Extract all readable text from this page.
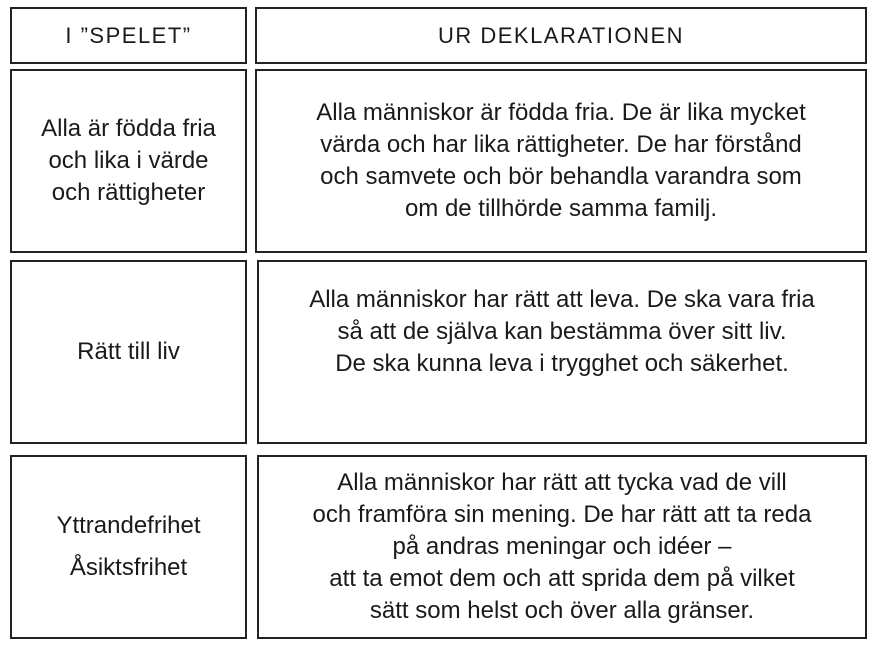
I ”SPELET”	UR DEKLARATIONEN
Alla är födda fria
och lika i värde
och rättigheter
Alla människor är födda fria. De är lika mycket
värda och har lika rättigheter. De har förstånd
och samvete och bör behandla varandra som
om de tillhörde samma familj.
Rätt till liv
Alla människor har rätt att leva. De ska vara fria
så att de själva kan bestämma över sitt liv.
De ska kunna leva i trygghet och säkerhet.
Yttrandefrihet
Åsiktsfrihet
Alla människor har rätt att tycka vad de vill
och framföra sin mening. De har rätt att ta reda
på andras meningar och idéer –
att ta emot dem och att sprida dem på vilket
sätt som helst och över alla gränser.
